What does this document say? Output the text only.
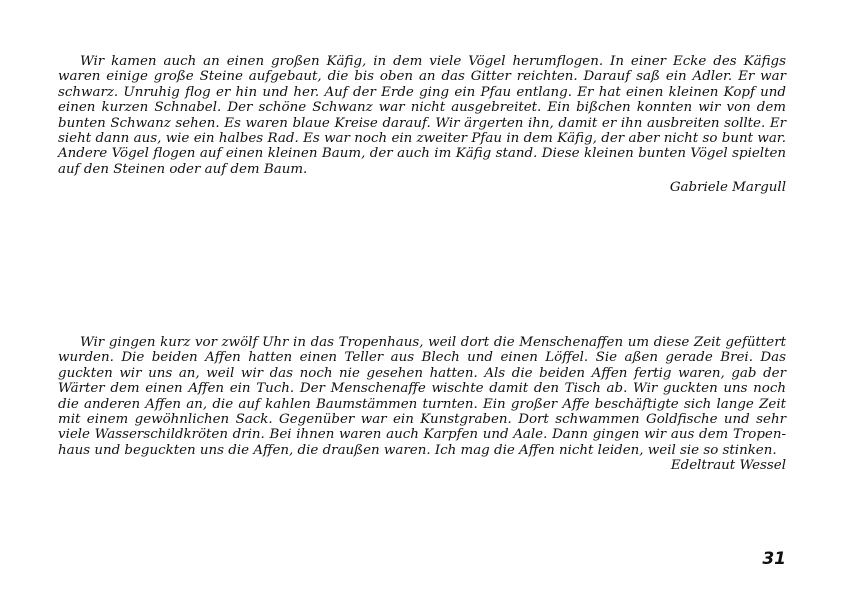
Wir kamen auch an einen großen Käfig, in dem viele Vögel herumflogen. In einer Ecke des Käfigs waren einige große Steine aufgebaut, die bis oben an das Gitter reichten. Darauf saß ein Adler. Er war schwarz. Unruhig flog er hin und her. Auf der Erde ging ein Pfau entlang. Er hat einen kleinen Kopf und einen kurzen Schnabel. Der schöne Schwanz war nicht ausgebreitet. Ein bißchen konnten wir von dem bunten Schwanz sehen. Es waren blaue Kreise darauf. Wir ärgerten ihn, damit er ihn ausbreiten sollte. Er sieht dann aus, wie ein halbes Rad. Es war noch ein zweiter Pfau in dem Käfig, der aber nicht so bunt war. Andere Vögel flogen auf einen kleinen Baum, der auch im Käfig stand. Diese kleinen bunten Vögel spielten auf den Steinen oder auf dem Baum.

Gabriele Margull

Wir gingen kurz vor zwölf Uhr in das Tropenhaus, weil dort die Menschenaffen um diese Zeit gefüttert wurden. Die beiden Affen hatten einen Teller aus Blech und einen Löffel. Sie aßen gerade Brei. Das guckten wir uns an, weil wir das noch nie gesehen hatten. Als die beiden Affen fertig waren, gab der Wärter dem einen Affen ein Tuch. Der Menschenaffe wischte damit den Tisch ab. Wir guckten uns noch die anderen Affen an, die auf kahlen Baumstämmen turnten. Ein großer Affe beschäftigte sich lange Zeit mit einem gewöhnlichen Sack. Gegenüber war ein Kunstgraben. Dort schwammen Goldfische und sehr viele Wasserschildkröten drin. Bei ihnen waren auch Karpfen und Aale. Dann gingen wir aus dem Tropenhaus und beguckten uns die Affen, die draußen waren. Ich mag die Affen nicht leiden, weil sie so stinken.

Edeltraut Wessel
31
